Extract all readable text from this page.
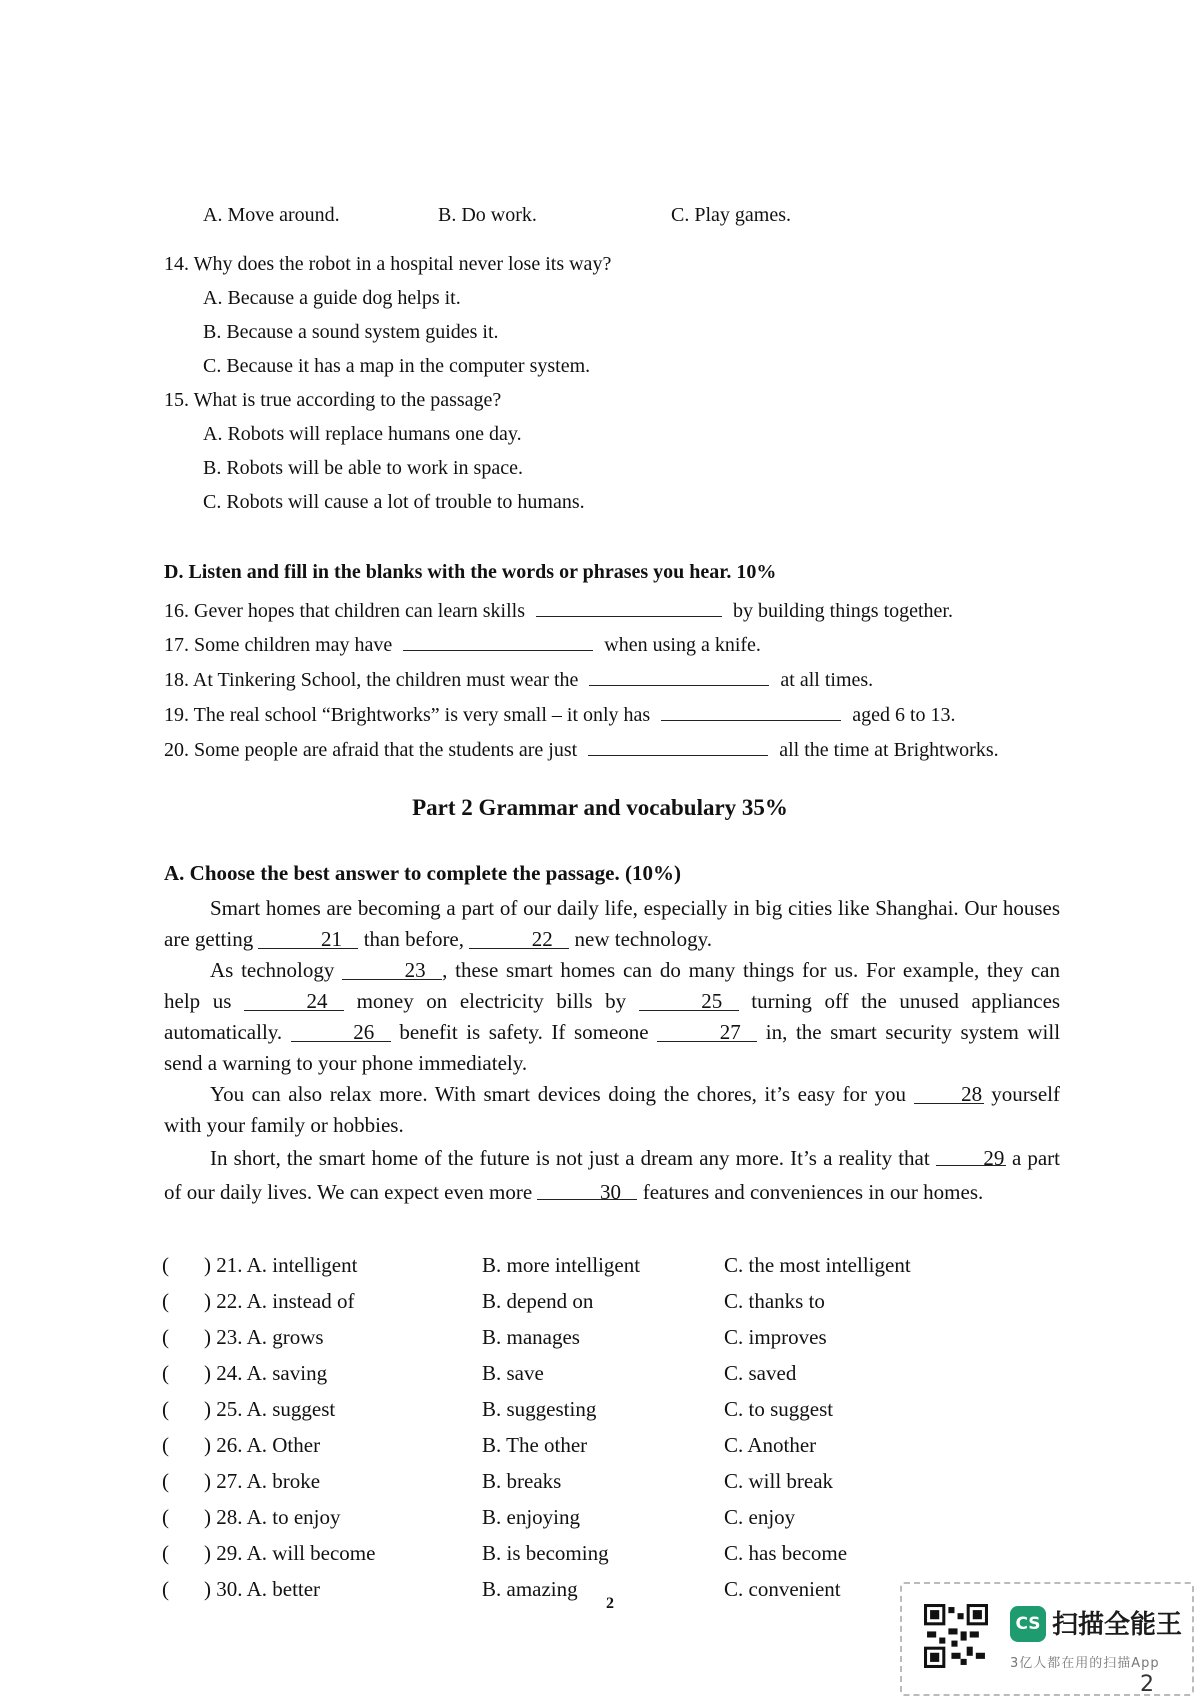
A. Move around.	B. Do work.	C. Play games.
14. Why does the robot in a hospital never lose its way?
A. Because a guide dog helps it.
B. Because a sound system guides it.
C. Because it has a map in the computer system.
15. What is true according to the passage?
A. Robots will replace humans one day.
B. Robots will be able to work in space.
C. Robots will cause a lot of trouble to humans.
D. Listen and fill in the blanks with the words or phrases you hear. 10%
16. Gever hopes that children can learn skills	by building things together.
17. Some children may have	when using a knife.
18. At Tinkering School, the children must wear the	at all times.
19. The real school “Brightworks” is very small – it only has	aged 6 to 13.
20. Some people are afraid that the students are just	all the time at Brightworks.
Part 2 Grammar and vocabulary 35%
A. Choose the best answer to complete the passage. (10%)

Smart homes are becoming a part of our daily life, especially in big cities like Shanghai. Our houses are getting	21 than before,	22 new technology.

As technology	23 , these smart homes can do many things for us. For example, they can help us	24 money on electricity bills by	25 turning off the unused appliances automatically.	26 benefit is safety. If someone	27 in, the smart security system will send a warning to your phone immediately.

You can also relax more. With smart devices doing the chores, it’s easy for you	28 yourself with your family or hobbies.

In short, the smart home of the future is not just a dream any more. It’s a reality that	29 a part of our daily lives. We can expect even more	30 features and conveniences in our homes.

( ) 21. A. intelligent	B. more intelligent	C. the most intelligent
( ) 22. A. instead of	B. depend on	C. thanks to
( ) 23. A. grows	B. manages	C. improves
( ) 24. A. saving	B. save	C. saved
( ) 25. A. suggest	B. suggesting	C. to suggest
( ) 26. A. Other	B. The other	C. Another
( ) 27. A. broke	B. breaks	C. will break
( ) 28. A. to enjoy	B. enjoying	C. enjoy
( ) 29. A. will become	B. is becoming	C. has become
( ) 30. A. better	B. amazing	C. convenient
2
CS 扫描全能王
3亿人都在用的扫描App
2
